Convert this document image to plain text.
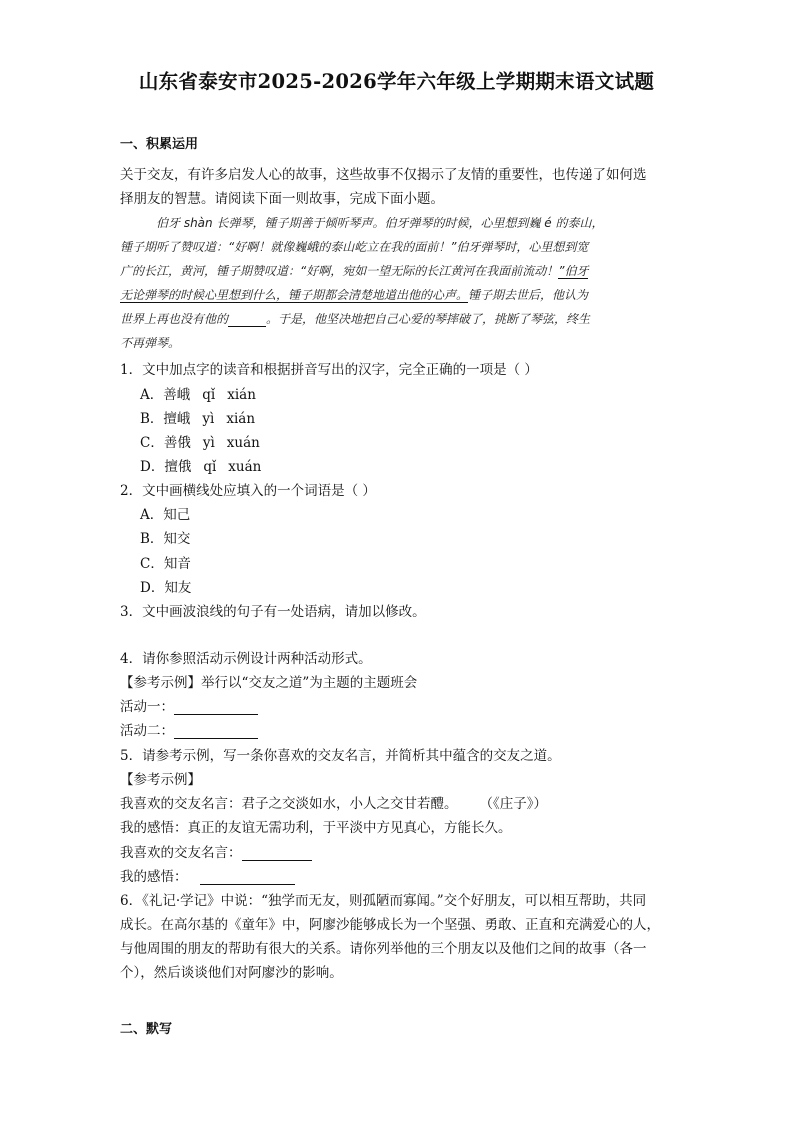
山东省泰安市2025-2026学年六年级上学期期末语文试题
一、积累运用
关于交友，有许多启发人心的故事，这些故事不仅揭示了友情的重要性，也传递了如何选
择朋友的智慧。请阅读下面一则故事，完成下面小题。
伯牙 shàn 长弹琴，锺子期善于倾听琴声。伯牙弹琴的时候，心里想到巍 é 的泰山，
锺子期听了赞叹道：“好啊！就像巍峨的泰山屹立在我的面前！”伯牙弹琴时，心里想到宽
广的长江，黄河，锺子期赞叹道：“好啊，宛如一望无际的长江黄河在我面前流动！”伯牙
无论弹琴的时候心里想到什么，锺子期都会清楚地道出他的心声。锺子期去世后，他认为
世界上再也没有他的	。于是，他坚决地把自己心爱的琴摔破了，挑断了琴弦，终生
不再弹琴。
1．文中加点字的读音和根据拼音写出的汉字，完全正确的一项是（ ）
A．善峨 qǐ xián
B．擅峨 yì xián
C．善俄 yì xuán
D．擅俄 qǐ xuán
2．文中画横线处应填入的一个词语是（ ）
A．知己
B．知交
C．知音
D．知友
3．文中画波浪线的句子有一处语病，请加以修改。
4．请你参照活动示例设计两种活动形式。
【参考示例】举行以“交友之道”为主题的主题班会
活动一：
活动二：
5．请参考示例，写一条你喜欢的交友名言，并简析其中蕴含的交友之道。
【参考示例】
我喜欢的交友名言：君子之交淡如水，小人之交甘若醴。 （《庄子》）
我的感悟：真正的友谊无需功利，于平淡中方见真心，方能长久。
我喜欢的交友名言：
我的感悟：
6．《礼记·学记》中说：“独学而无友，则孤陋而寡闻。”交个好朋友，可以相互帮助，共同
成长。在高尔基的《童年》中，阿廖沙能够成长为一个坚强、勇敢、正直和充满爱心的人，
与他周围的朋友的帮助有很大的关系。请你列举他的三个朋友以及他们之间的故事（各一
个），然后谈谈他们对阿廖沙的影响。
二、默写
